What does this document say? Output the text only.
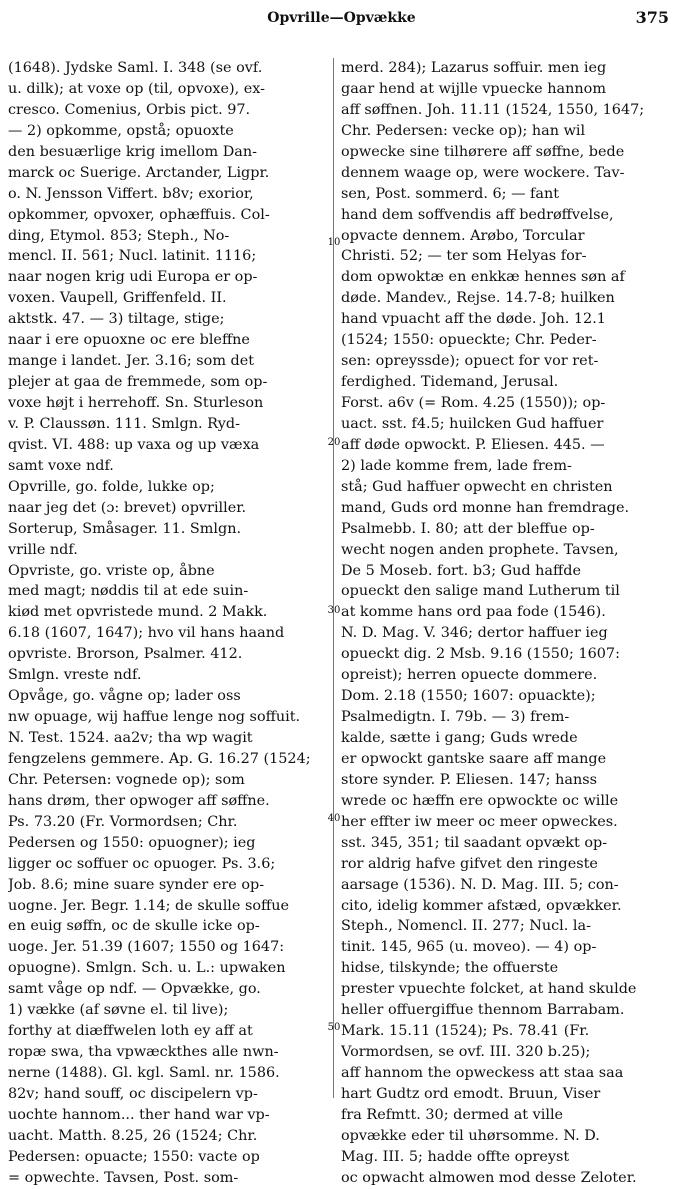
Opvrille—Opvække	375
10
20
30
40
50
(1648). Jydske Saml. I. 348 (se ovf.
u. dilk); at voxe op (til, opvoxe), ex-
cresco. Comenius, Orbis pict. 97.
— 2) opkomme, opstå; opuoxte
den besuærlige krig imellom Dan-
marck oc Suerige. Arctander, Ligpr.
o. N. Jensson Viffert. b8v; exorior,
opkommer, opvoxer, ophæffuis. Col-
ding, Etymol. 853; Steph., No-
mencl. II. 561; Nucl. latinit. 1116;
naar nogen krig udi Europa er op-
voxen. Vaupell, Griffenfeld. II.
aktstk. 47. — 3) tiltage, stige;
naar i ere opuoxne oc ere bleffne
mange i landet. Jer. 3.16; som det
plejer at gaa de fremmede, som op-
voxe højt i herrehoff. Sn. Sturleson
v. P. Claussøn. 111. Smlgn. Ryd-
qvist. VI. 488: up vaxa og up væxa
samt voxe ndf.
Opvrille, go. folde, lukke op;
naar jeg det (ɔ: brevet) opvriller.
Sorterup, Småsager. 11. Smlgn.
vrille ndf.
Opvriste, go. vriste op, åbne
med magt; nøddis til at ede suin-
kiød met opvristede mund. 2 Makk.
6.18 (1607, 1647); hvo vil hans haand
opvriste. Brorson, Psalmer. 412.
Smlgn. vreste ndf.
Opvåge, go. vågne op; lader oss
nw opuage, wij haffue lenge nog soffuit.
N. Test. 1524. aa2v; tha wp wagit
fengzelens gemmere. Ap. G. 16.27 (1524;
Chr. Petersen: vognede op); som
hans drøm, ther opwoger aff søffne.
Ps. 73.20 (Fr. Vormordsen; Chr.
Pedersen og 1550: opuogner); ieg
ligger oc soffuer oc opuoger. Ps. 3.6;
Job. 8.6; mine suare synder ere op-
uogne. Jer. Begr. 1.14; de skulle soffue
en euig søffn, oc de skulle icke op-
uoge. Jer. 51.39 (1607; 1550 og 1647:
opuogne). Smlgn. Sch. u. L.: upwaken
samt våge op ndf. — Opvække, go.
1) vække (af søvne el. til live);
forthy at diæffwelen loth ey aff at
ropæ swa, tha vpwæckthes alle nwn-
nerne (1488). Gl. kgl. Saml. nr. 1586.
82v; hand souff, oc discipelern vp-
uochte hannom... ther hand war vp-
uacht. Matth. 8.25, 26 (1524; Chr.
Pedersen: opuacte; 1550: vacte op
= opwechte. Tavsen, Post. som-
merd. 284); Lazarus soffuir. men ieg
gaar hend at wijlle vpuecke hannom
aff søffnen. Joh. 11.11 (1524, 1550, 1647;
Chr. Pedersen: vecke op); han wil
opwecke sine tilhørere aff søffne, bede
dennem waage op, were wockere. Tav-
sen, Post. sommerd. 6; — fant
hand dem soffvendis aff bedrøffvelse,
opvacte dennem. Arøbo, Torcular
Christi. 52; — ter som Helyas for-
dom opwoktæ en enkkæ hennes søn af
døde. Mandev., Rejse. 14.7-8; huilken
hand vpuacht aff the døde. Joh. 12.1
(1524; 1550: opueckte; Chr. Peder-
sen: opreyssde); opuect for vor ret-
ferdighed. Tidemand, Jerusal.
Forst. a6v (= Rom. 4.25 (1550)); op-
uact. sst. f4.5; huilcken Gud haffuer
aff døde opwockt. P. Eliesen. 445. —
2) lade komme frem, lade frem-
stå; Gud haffuer opwecht en christen
mand, Guds ord monne han fremdrage.
Psalmebb. I. 80; att der bleffue op-
wecht nogen anden prophete. Tavsen,
De 5 Moseb. fort. b3; Gud haffde
opueckt den salige mand Lutherum til
at komme hans ord paa fode (1546).
N. D. Mag. V. 346; dertor haffuer ieg
opueckt dig. 2 Msb. 9.16 (1550; 1607:
opreist); herren opuecte dommere.
Dom. 2.18 (1550; 1607: opuackte);
Psalmedigtn. I. 79b. — 3) frem-
kalde, sætte i gang; Guds wrede
er opwockt gantske saare aff mange
store synder. P. Eliesen. 147; hanss
wrede oc hæffn ere opwockte oc wille
her effter iw meer oc meer opweckes.
sst. 345, 351; til saadant opvækt op-
ror aldrig hafve gifvet den ringeste
aarsage (1536). N. D. Mag. III. 5; con-
cito, idelig kommer afstæd, opvækker.
Steph., Nomencl. II. 277; Nucl. la-
tinit. 145, 965 (u. moveo). — 4) op-
hidse, tilskynde; the offuerste
prester vpuechte folcket, at hand skulde
heller offuergiffue thennom Barrabam.
Mark. 15.11 (1524); Ps. 78.41 (Fr.
Vormordsen, se ovf. III. 320 b.25);
aff hannom the opweckess att staa saa
hart Gudtz ord emodt. Bruun, Viser
fra Refmtt. 30; dermed at ville
opvække eder til uhørsomme. N. D.
Mag. III. 5; hadde offte opreyst
oc opwacht almowen mod desse Zeloter.
